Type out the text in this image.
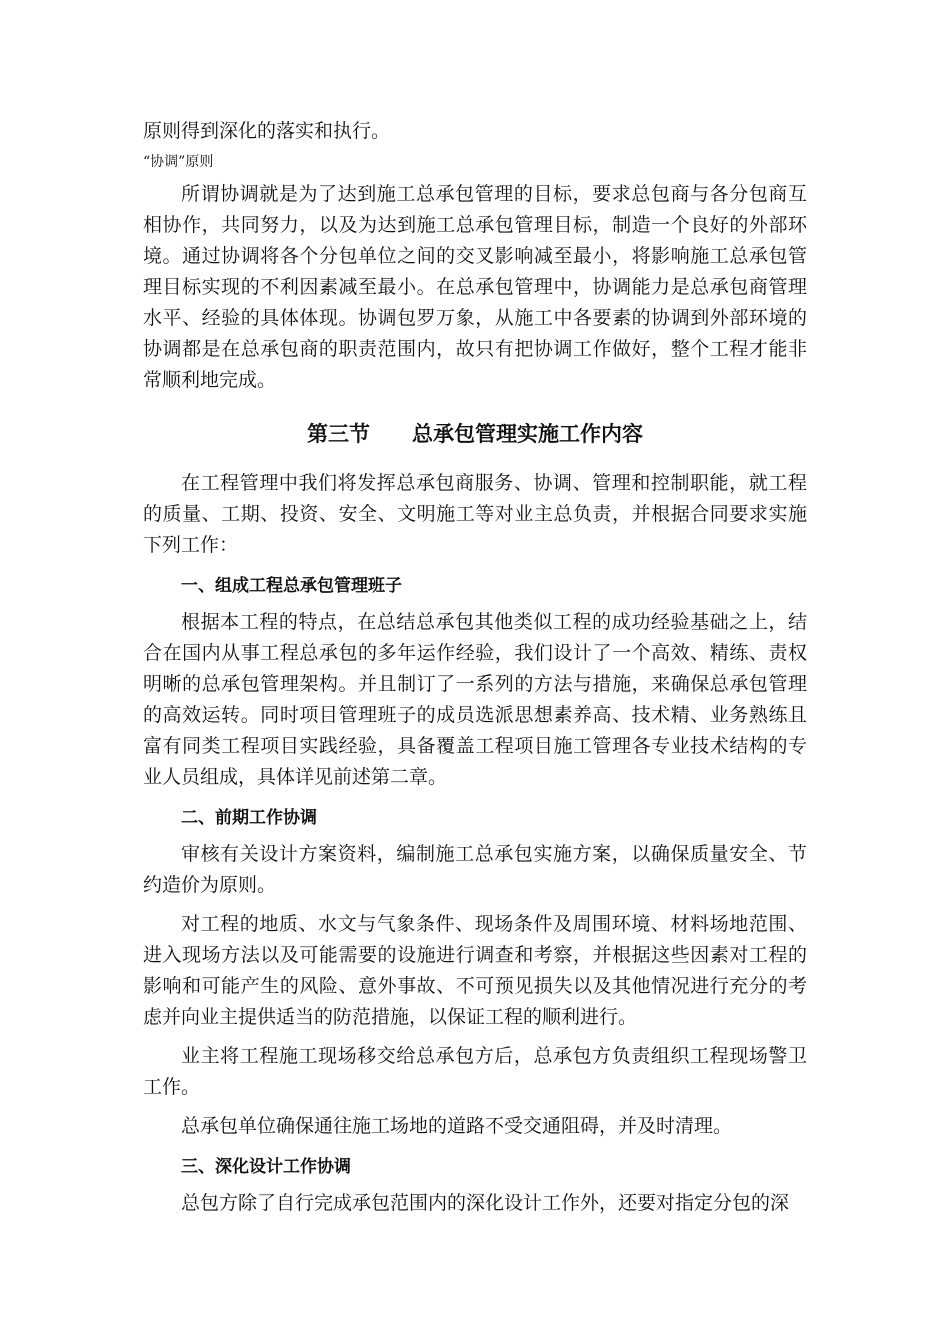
原则得到深化的落实和执行。

“协调”原则

所谓协调就是为了达到施工总承包管理的目标，要求总包商与各分包商互相协作，共同努力，以及为达到施工总承包管理目标，制造一个良好的外部环境。通过协调将各个分包单位之间的交叉影响减至最小，将影响施工总承包管理目标实现的不利因素减至最小。在总承包管理中，协调能力是总承包商管理水平、经验的具体体现。协调包罗万象，从施工中各要素的协调到外部环境的协调都是在总承包商的职责范围内，故只有把协调工作做好，整个工程才能非常顺利地完成。

第三节　　总承包管理实施工作内容

在工程管理中我们将发挥总承包商服务、协调、管理和控制职能，就工程的质量、工期、投资、安全、文明施工等对业主总负责，并根据合同要求实施下列工作：

一、组成工程总承包管理班子

根据本工程的特点，在总结总承包其他类似工程的成功经验基础之上，结合在国内从事工程总承包的多年运作经验，我们设计了一个高效、精练、责权明晰的总承包管理架构。并且制订了一系列的方法与措施，来确保总承包管理的高效运转。同时项目管理班子的成员选派思想素养高、技术精、业务熟练且富有同类工程项目实践经验，具备覆盖工程项目施工管理各专业技术结构的专业人员组成，具体详见前述第二章。

二、前期工作协调

审核有关设计方案资料，编制施工总承包实施方案，以确保质量安全、节约造价为原则。

对工程的地质、水文与气象条件、现场条件及周围环境、材料场地范围、进入现场方法以及可能需要的设施进行调查和考察，并根据这些因素对工程的影响和可能产生的风险、意外事故、不可预见损失以及其他情况进行充分的考虑并向业主提供适当的防范措施，以保证工程的顺利进行。

业主将工程施工现场移交给总承包方后，总承包方负责组织工程现场警卫工作。

总承包单位确保通往施工场地的道路不受交通阻碍，并及时清理。

三、深化设计工作协调

总包方除了自行完成承包范围内的深化设计工作外，还要对指定分包的深
